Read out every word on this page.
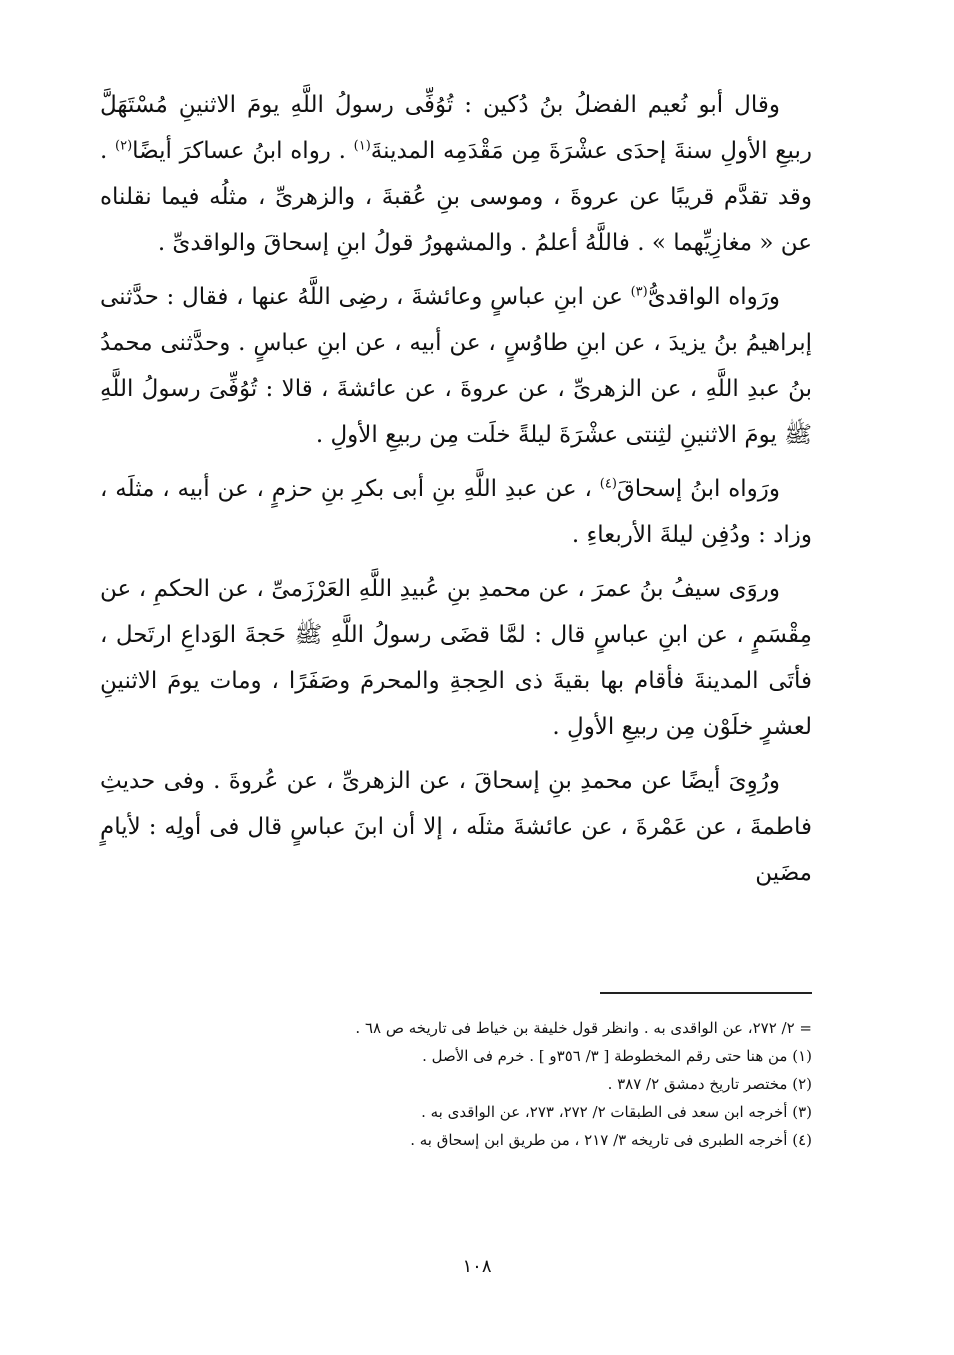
وقال أبو نُعيم الفضلُ بنُ دُكين : تُوُفِّى رسولُ اللَّهِ يومَ الاثنينِ مُسْتَهَلَّ ربيعِ الأولِ سنةَ إحدَى عشْرَةَ مِن مَقْدَمِه المدينةَ$^{(١)}$ . رواه ابنُ عساكرَ أيضًا$^{(٢)}$ . وقد تقدَّم قريبًا عن عروةَ ، وموسى بنِ عُقبةَ ، والزهرىِّ ، مثلُه فيما نقلناه عن « مغازِيِّهما » . فاللَّهُ أعلمُ . والمشهورُ قولُ ابنِ إسحاقَ والواقدىِّ .

ورَواه الواقدىُّ$^{(٣)}$ عن ابنِ عباسٍ وعائشةَ ، رضِى اللَّهُ عنها ، فقال : حدَّثنى إبراهيمُ بنُ يزيدَ ، عن ابنِ طاوُسٍ ، عن أبيه ، عن ابنِ عباسٍ . وحدَّثنى محمدُ بنُ عبدِ اللَّهِ ، عن الزهرىِّ ، عن عروةَ ، عن عائشةَ ، قالا : تُوُفِّىَ رسولُ اللَّهِ ﷺ يومَ الاثنينِ لثِنتى عشْرَةَ ليلةً خلَت مِن ربيعِ الأولِ .

ورَواه ابنُ إسحاقَ$^{(٤)}$ ، عن عبدِ اللَّهِ بنِ أبى بكرِ بنِ حزمٍ ، عن أبيه ، مثلَه ، وزاد : ودُفِن ليلةَ الأربعاءِ .

وروَى سيفُ بنُ عمرَ ، عن محمدِ بنِ عُبيدِ اللَّهِ العَرْزَمىِّ ، عن الحكمِ ، عن مِقْسَمٍ ، عن ابنِ عباسٍ قال : لمَّا قضَى رسولُ اللَّهِ ﷺ حَجةَ الوَداعِ ارتَحل ، فأتَى المدينةَ فأقام بها بقيةَ ذى الحِجةِ والمحرمَ وصَفَرًا ، ومات يومَ الاثنينِ لعشرٍ خلَوْن مِن ربيعِ الأولِ .

ورُوِىَ أيضًا عن محمدِ بنِ إسحاقَ ، عن الزهرىِّ ، عن عُروةَ . وفى حديثِ فاطمةَ ، عن عَمْرةَ ، عن عائشةَ مثلَه ، إلا أن ابنَ عباسٍ قال فى أولِه : لأيامٍ مضَين

= ٢/ ٢٧٢، عن الواقدى به . وانظر قول خليفة بن خياط فى تاريخه ص ٦٨ .
(١) من هنا حتى رقم المخطوطة [ ٣/ ٣٥٦و ] . خرم فى الأصل .
(٢) مختصر تاريخ دمشق ٢/ ٣٨٧ .
(٣) أخرجه ابن سعد فى الطبقات ٢/ ٢٧٢، ٢٧٣، عن الواقدى به .
(٤) أخرجه الطبرى فى تاريخه ٣/ ٢١٧ ، من طريق ابن إسحاق به .
١٠٨
